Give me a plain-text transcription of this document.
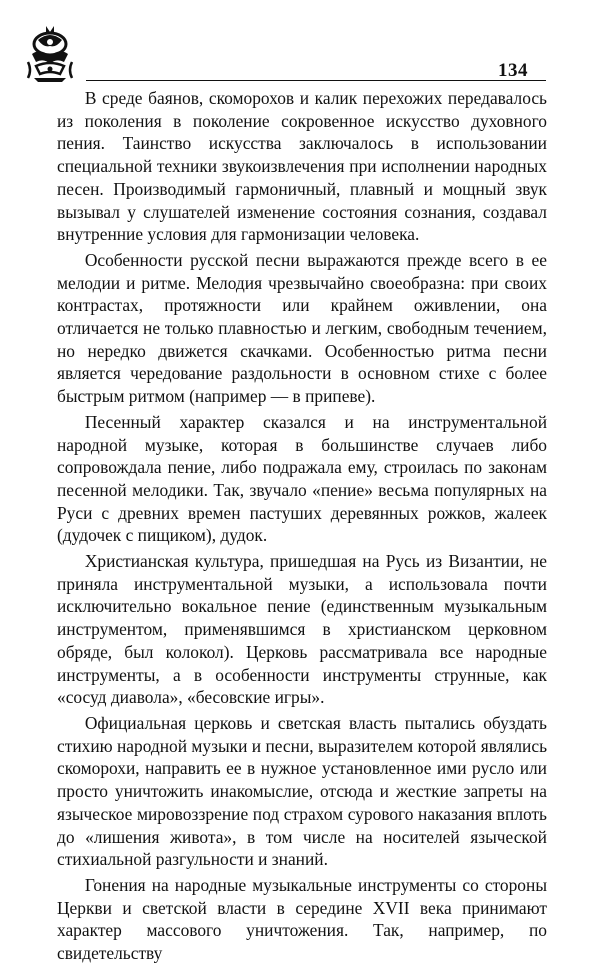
134

В среде баянов, скоморохов и калик перехожих передавалось из поколения в поколение сокровенное искусство духовного пения. Таинство искусства заключалось в использовании специальной техники звукоизвлечения при исполнении народных песен. Производимый гармоничный, плавный и мощный звук вызывал у слушателей изменение состояния сознания, создавал внутренние условия для гармонизации человека.

Особенности русской песни выражаются прежде всего в ее мелодии и ритме. Мелодия чрезвычайно своеобразна: при своих контрастах, протяжности или крайнем оживлении, она отличается не только плавностью и легким, свободным течением, но нередко движется скачками. Особенностью ритма песни является чередование раздольности в основном стихе с более быстрым ритмом (например — в припеве).

Песенный характер сказался и на инструментальной народной музыке, которая в большинстве случаев либо сопровождала пение, либо подражала ему, строилась по законам песенной мелодики. Так, звучало «пение» весьма популярных на Руси с древних времен пастуших деревянных рожков, жалеек (дудочек с пищиком), дудок.

Христианская культура, пришедшая на Русь из Византии, не приняла инструментальной музыки, а использовала почти исключительно вокальное пение (единственным музыкальным инструментом, применявшимся в христианском церковном обряде, был колокол). Церковь рассматривала все народные инструменты, а в особенности инструменты струнные, как «сосуд диавола», «бесовские игры».

Официальная церковь и светская власть пытались обуздать стихию народной музыки и песни, выразителем которой являлись скоморохи, направить ее в нужное установленное ими русло или просто уничтожить инакомыслие, отсюда и жесткие запреты на языческое мировоззрение под страхом сурового наказания вплоть до «лишения живота», в том числе на носителей языческой стихиальной разгульности и знаний.

Гонения на народные музыкальные инструменты со стороны Церкви и светской власти в середине XVII века принимают характер массового уничтожения. Так, например, по свидетельству
